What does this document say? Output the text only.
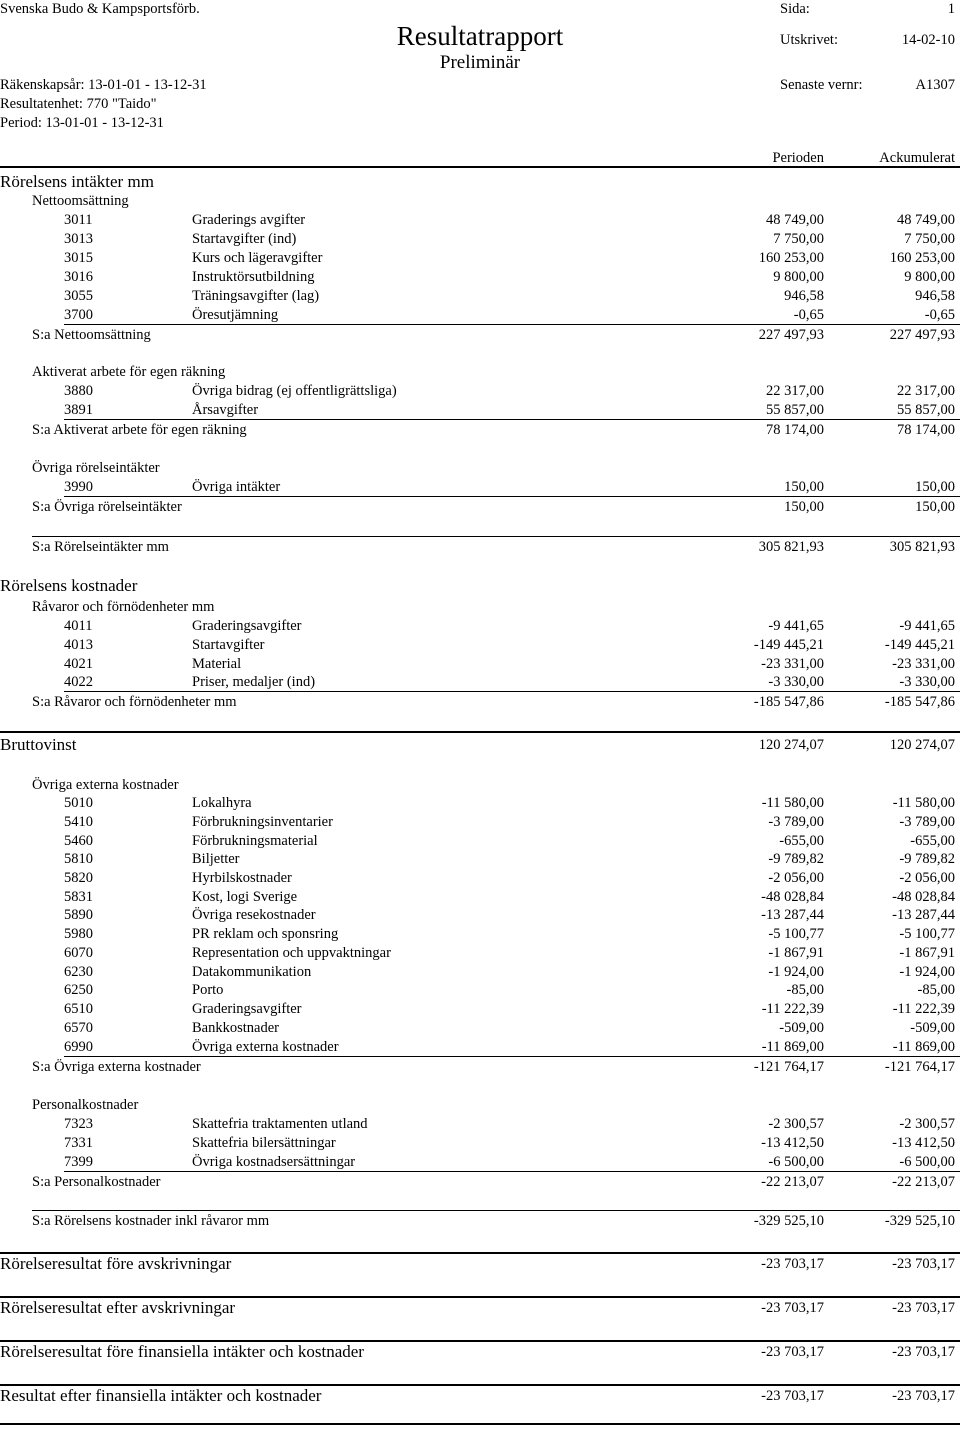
Svenska Budo & Kampsportsförb.	Sida:	1
Resultatrapport
Preliminär
Utskrivet:	14-02-10
Räkenskapsår: 13-01-01 - 13-12-31	Senaste vernr:	A1307
Resultatenhet: 770 "Taido"
Period: 13-01-01 - 13-12-31
Perioden	Ackumulerat
Rörelsens intäkter mm
Nettoomsättning
3011	Graderings avgifter	48 749,00	48 749,00
3013	Startavgifter (ind)	7 750,00	7 750,00
3015	Kurs och lägeravgifter	160 253,00	160 253,00
3016	Instruktörsutbildning	9 800,00	9 800,00
3055	Träningsavgifter (lag)	946,58	946,58
3700	Öresutjämning	-0,65	-0,65
S:a Nettoomsättning	227 497,93	227 497,93
Aktiverat arbete för egen räkning
3880	Övriga bidrag (ej offentligrättsliga)	22 317,00	22 317,00
3891	Årsavgifter	55 857,00	55 857,00
S:a Aktiverat arbete för egen räkning	78 174,00	78 174,00
Övriga rörelseintäkter
3990	Övriga intäkter	150,00	150,00
S:a Övriga rörelseintäkter	150,00	150,00
S:a Rörelseintäkter mm	305 821,93	305 821,93
Rörelsens kostnader
Råvaror och förnödenheter mm
4011	Graderingsavgifter	-9 441,65	-9 441,65
4013	Startavgifter	-149 445,21	-149 445,21
4021	Material	-23 331,00	-23 331,00
4022	Priser, medaljer (ind)	-3 330,00	-3 330,00
S:a Råvaror och förnödenheter mm	-185 547,86	-185 547,86
Bruttovinst	120 274,07	120 274,07
Övriga externa kostnader
5010	Lokalhyra	-11 580,00	-11 580,00
5410	Förbrukningsinventarier	-3 789,00	-3 789,00
5460	Förbrukningsmaterial	-655,00	-655,00
5810	Biljetter	-9 789,82	-9 789,82
5820	Hyrbilskostnader	-2 056,00	-2 056,00
5831	Kost, logi Sverige	-48 028,84	-48 028,84
5890	Övriga resekostnader	-13 287,44	-13 287,44
5980	PR reklam och sponsring	-5 100,77	-5 100,77
6070	Representation och uppvaktningar	-1 867,91	-1 867,91
6230	Datakommunikation	-1 924,00	-1 924,00
6250	Porto	-85,00	-85,00
6510	Graderingsavgifter	-11 222,39	-11 222,39
6570	Bankkostnader	-509,00	-509,00
6990	Övriga externa kostnader	-11 869,00	-11 869,00
S:a Övriga externa kostnader	-121 764,17	-121 764,17
Personalkostnader
7323	Skattefria traktamenten utland	-2 300,57	-2 300,57
7331	Skattefria bilersättningar	-13 412,50	-13 412,50
7399	Övriga kostnadsersättningar	-6 500,00	-6 500,00
S:a Personalkostnader	-22 213,07	-22 213,07
S:a Rörelsens kostnader inkl råvaror mm	-329 525,10	-329 525,10
Rörelseresultat före avskrivningar	-23 703,17	-23 703,17
Rörelseresultat efter avskrivningar	-23 703,17	-23 703,17
Rörelseresultat före finansiella intäkter och kostnader	-23 703,17	-23 703,17
Resultat efter finansiella intäkter och kostnader	-23 703,17	-23 703,17
